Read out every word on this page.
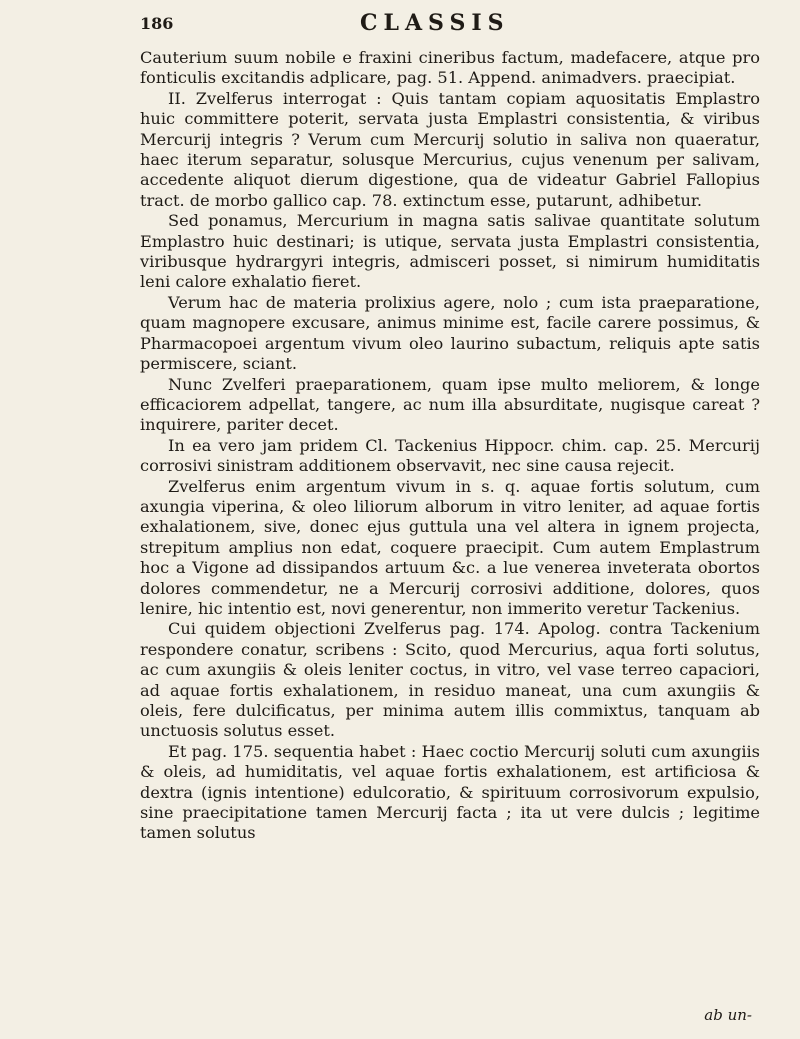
186	CLASSIS

Cauterium suum nobile e fraxini cineribus factum, madefacere, atque pro fonticulis excitandis adplicare, pag. 51. Append. animadvers. praecipiat.

II. Zvelferus interrogat : Quis tantam copiam aquositatis Emplastro huic committere poterit, servata justa Emplastri consistentia, & viribus Mercurij integris ? Verum cum Mercurij solutio in saliva non quaeratur, haec iterum separatur, solusque Mercurius, cujus venenum per salivam, accedente aliquot dierum digestione, qua de videatur Gabriel Fallopius tract. de morbo gallico cap. 78. extinctum esse, putarunt, adhibetur.

Sed ponamus, Mercurium in magna satis salivae quantitate solutum Emplastro huic destinari; is utique, servata justa Emplastri consistentia, viribusque hydrargyri integris, admisceri posset, si nimirum humiditatis leni calore exhalatio fieret.

Verum hac de materia prolixius agere, nolo ; cum ista praeparatione, quam magnopere excusare, animus minime est, facile carere possimus, & Pharmacopoei argentum vivum oleo laurino subactum, reliquis apte satis permiscere, sciant.

Nunc Zvelferi praeparationem, quam ipse multo meliorem, & longe efficaciorem adpellat, tangere, ac num illa absurditate, nugisque careat ? inquirere, pariter decet.

In ea vero jam pridem Cl. Tackenius Hippocr. chim. cap. 25. Mercurij corrosivi sinistram additionem observavit, nec sine causa rejecit.

Zvelferus enim argentum vivum in s. q. aquae fortis solutum, cum axungia viperina, & oleo liliorum alborum in vitro leniter, ad aquae fortis exhalationem, sive, donec ejus guttula una vel altera in ignem projecta, strepitum amplius non edat, coquere praecipit. Cum autem Emplastrum hoc a Vigone ad dissipandos artuum &c. a lue venerea inveterata obortos dolores commendetur, ne a Mercurij corrosivi additione, dolores, quos lenire, hic intentio est, novi generentur, non immerito veretur Tackenius.

Cui quidem objectioni Zvelferus pag. 174. Apolog. contra Tackenium respondere conatur, scribens : Scito, quod Mercurius, aqua forti solutus, ac cum axungiis & oleis leniter coctus, in vitro, vel vase terreo capaciori, ad aquae fortis exhalationem, in residuo maneat, una cum axungiis & oleis, fere dulcificatus, per minima autem illis commixtus, tanquam ab unctuosis solutus esset.

Et pag. 175. sequentia habet : Haec coctio Mercurij soluti cum axungiis & oleis, ad humiditatis, vel aquae fortis exhalationem, est artificiosa & dextra (ignis intentione) edulcoratio, & spirituum corrosivorum expulsio, sine praecipitatione tamen Mercurij facta ; ita ut vere dulcis ; legitime tamen solutus

ab un-
